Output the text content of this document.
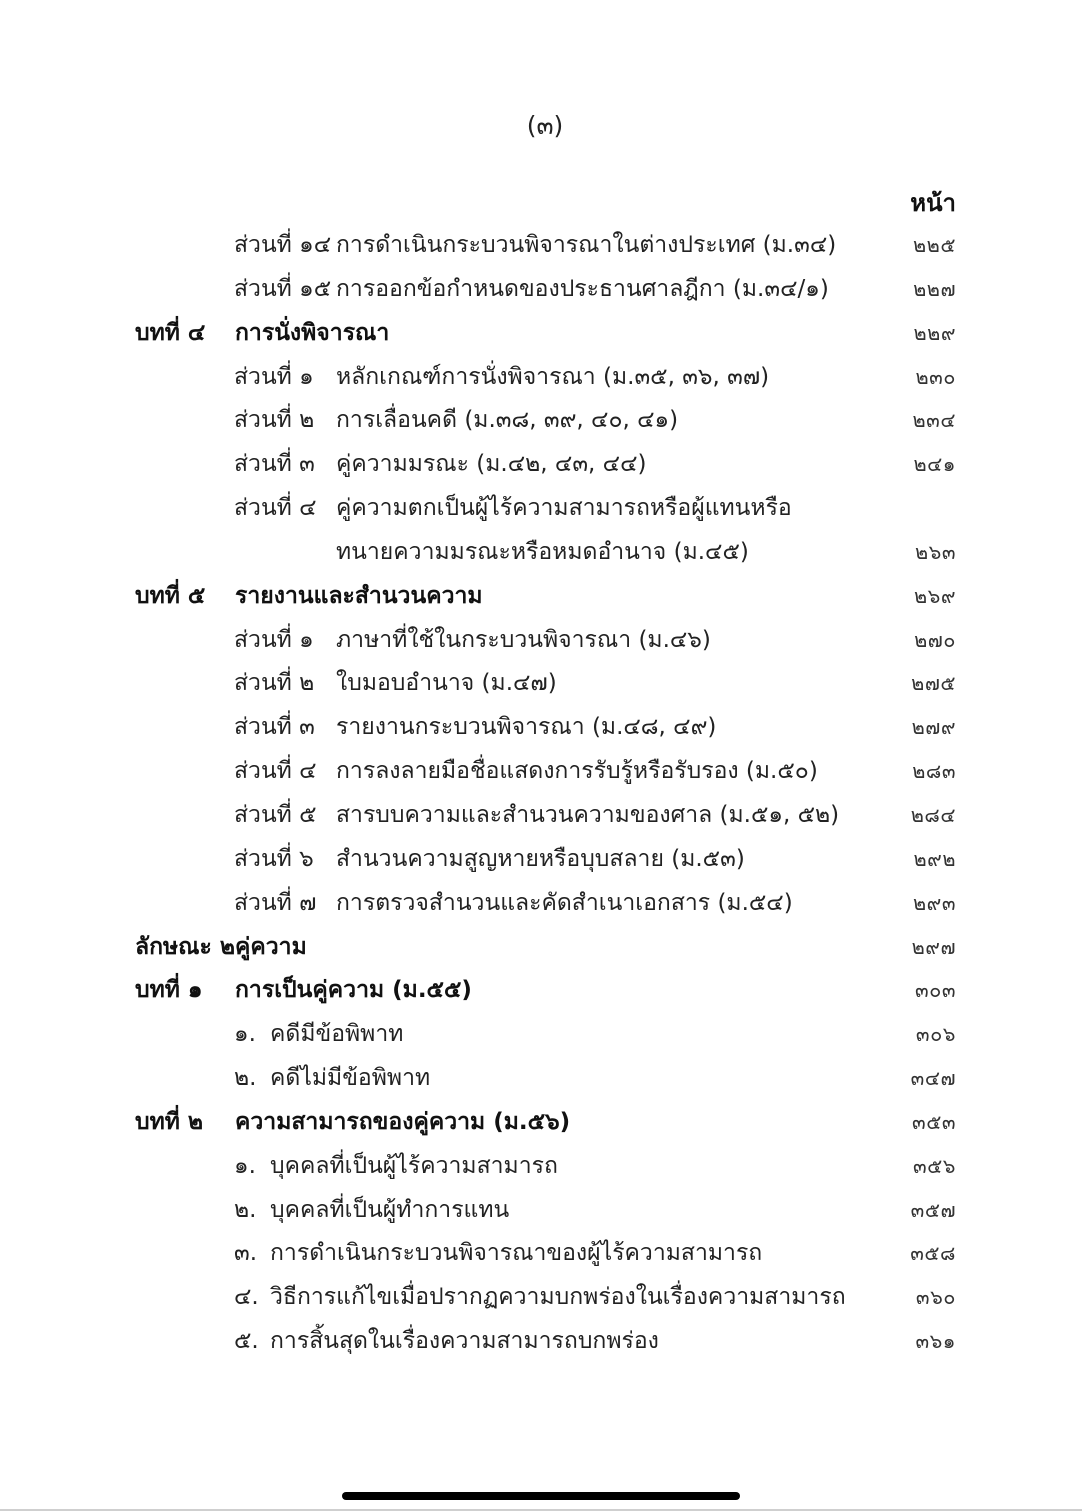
(๓)
หน้า
ส่วนที่ ๑๔ การดำเนินกระบวนพิจารณาในต่างประเทศ (ม.๓๔)	๒๒๕
ส่วนที่ ๑๕ การออกข้อกำหนดของประธานศาลฎีกา (ม.๓๔/๑)	๒๒๗
บทที่ ๔ การนั่งพิจารณา	๒๒๙
ส่วนที่ ๑ หลักเกณฑ์การนั่งพิจารณา (ม.๓๕, ๓๖, ๓๗)	๒๓๐
ส่วนที่ ๒ การเลื่อนคดี (ม.๓๘, ๓๙, ๔๐, ๔๑)	๒๓๔
ส่วนที่ ๓ คู่ความมรณะ (ม.๔๒, ๔๓, ๔๔)	๒๔๑
ส่วนที่ ๔ คู่ความตกเป็นผู้ไร้ความสามารถหรือผู้แทนหรือ
ทนายความมรณะหรือหมดอำนาจ (ม.๔๕)	๒๖๓
บทที่ ๕ รายงานและสำนวนความ	๒๖๙
ส่วนที่ ๑ ภาษาที่ใช้ในกระบวนพิจารณา (ม.๔๖)	๒๗๐
ส่วนที่ ๒ ใบมอบอำนาจ (ม.๔๗)	๒๗๕
ส่วนที่ ๓ รายงานกระบวนพิจารณา (ม.๔๘, ๔๙)	๒๗๙
ส่วนที่ ๔ การลงลายมือชื่อแสดงการรับรู้หรือรับรอง (ม.๕๐)	๒๘๓
ส่วนที่ ๕ สารบบความและสำนวนความของศาล (ม.๕๑, ๕๒)	๒๘๔
ส่วนที่ ๖ สำนวนความสูญหายหรือบุบสลาย (ม.๕๓)	๒๙๒
ส่วนที่ ๗ การตรวจสำนวนและคัดสำเนาเอกสาร (ม.๕๔)	๒๙๓
ลักษณะ ๒คู่ความ	๒๙๗
บทที่ ๑ การเป็นคู่ความ (ม.๕๕)	๓๐๓
๑. คดีมีข้อพิพาท	๓๐๖
๒. คดีไม่มีข้อพิพาท	๓๔๗
บทที่ ๒ ความสามารถของคู่ความ (ม.๕๖)	๓๕๓
๑. บุคคลที่เป็นผู้ไร้ความสามารถ	๓๕๖
๒. บุคคลที่เป็นผู้ทำการแทน	๓๕๗
๓. การดำเนินกระบวนพิจารณาของผู้ไร้ความสามารถ	๓๕๘
๔. วิธีการแก้ไขเมื่อปรากฏความบกพร่องในเรื่องความสามารถ	๓๖๐
๕. การสิ้นสุดในเรื่องความสามารถบกพร่อง	๓๖๑
